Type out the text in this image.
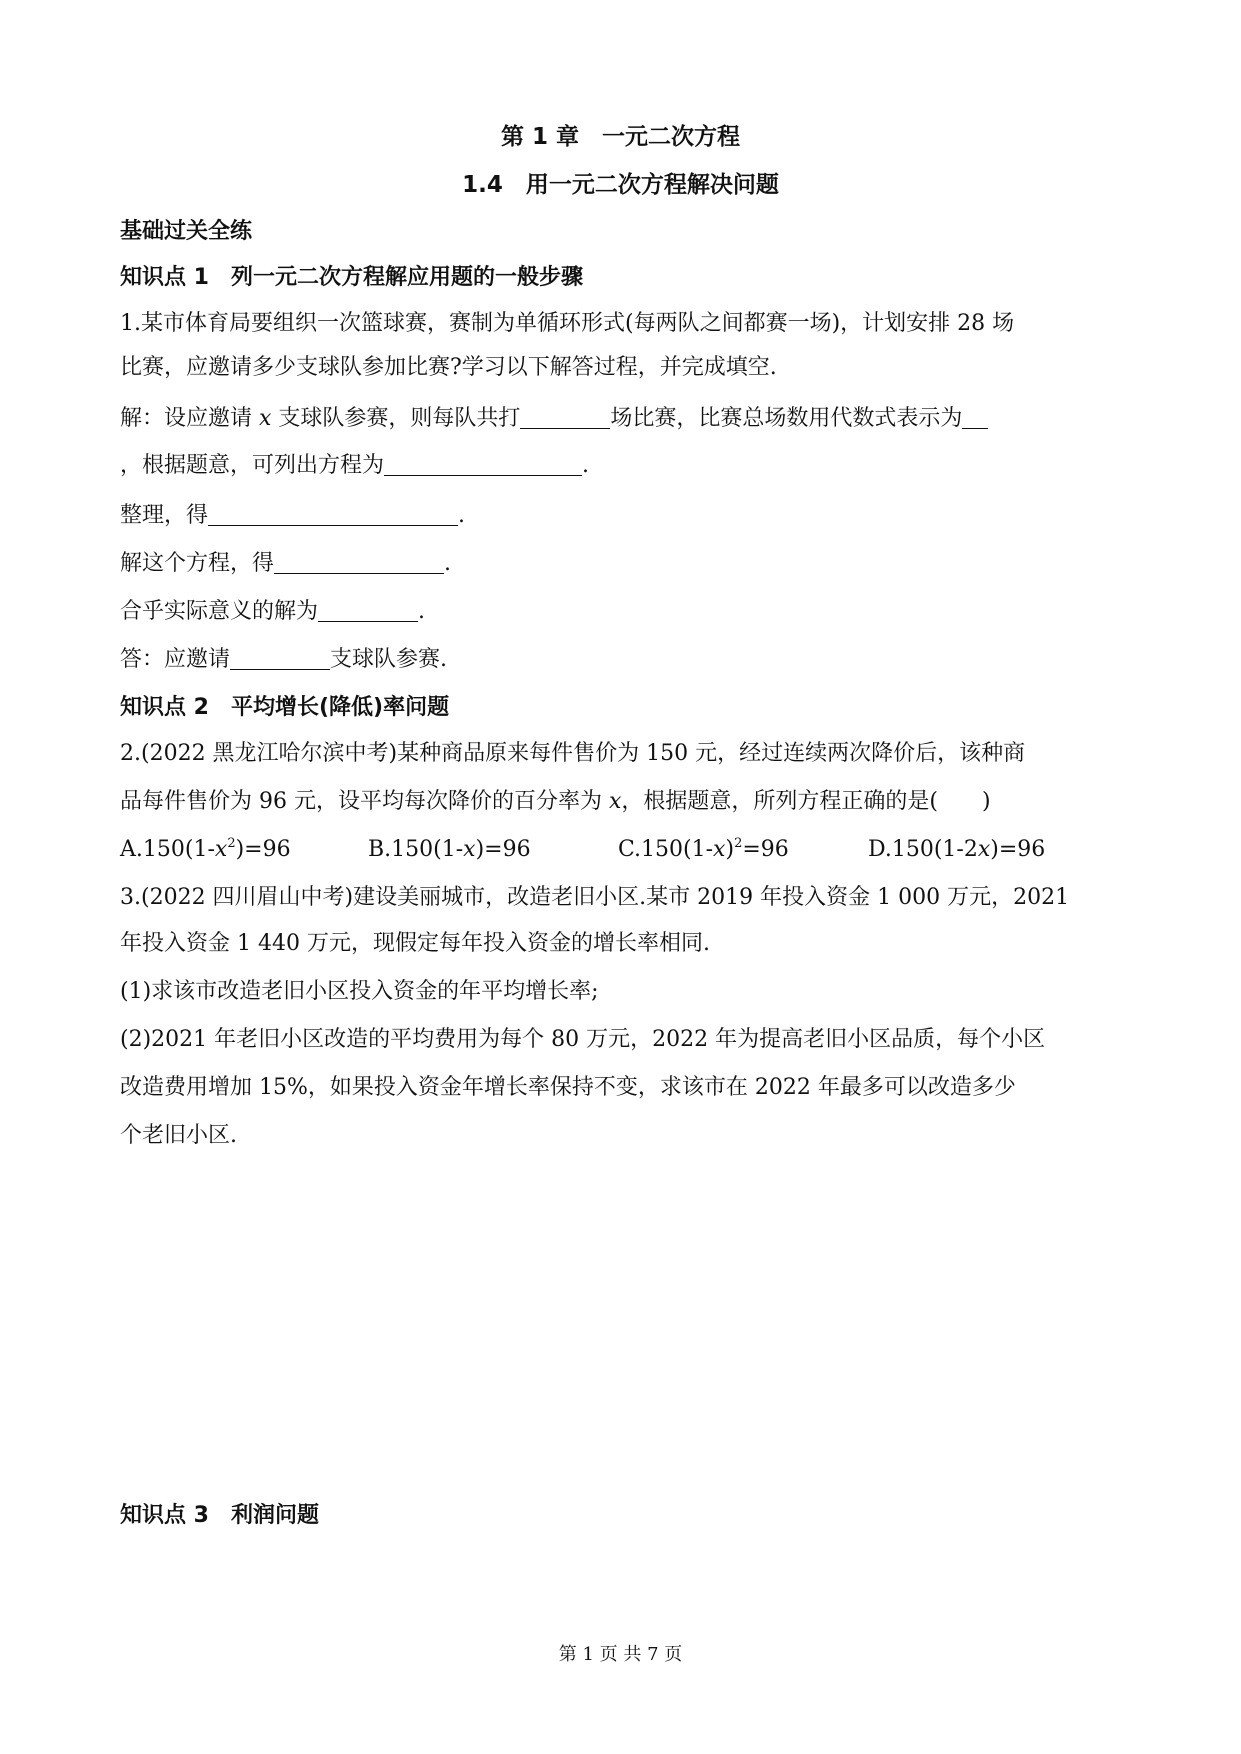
第 1 章　一元二次方程
1.4　用一元二次方程解决问题
基础过关全练
知识点 1　列一元二次方程解应用题的一般步骤
1.某市体育局要组织一次篮球赛，赛制为单循环形式(每两队之间都赛一场)，计划安排 28 场
比赛，应邀请多少支球队参加比赛?学习以下解答过程，并完成填空.
解：设应邀请 x 支球队参赛，则每队共打	场比赛，比赛总场数用代数式表示为
，根据题意，可列出方程为	.
整理，得	.
解这个方程，得	.
合乎实际意义的解为	.
答：应邀请	支球队参赛.
知识点 2　平均增长(降低)率问题
2.(2022 黑龙江哈尔滨中考)某种商品原来每件售价为 150 元，经过连续两次降价后，该种商
品每件售价为 96 元，设平均每次降价的百分率为 x，根据题意，所列方程正确的是(　　)
$A.150(1-x^2)=96$	B.150(1-x)=96	$C.150(1-x)^2=96$	D.150(1-2x)=96
3.(2022 四川眉山中考)建设美丽城市，改造老旧小区.某市 2019 年投入资金 1 000 万元，2021
年投入资金 1 440 万元，现假定每年投入资金的增长率相同.
(1)求该市改造老旧小区投入资金的年平均增长率;
(2)2021 年老旧小区改造的平均费用为每个 80 万元，2022 年为提高老旧小区品质，每个小区
改造费用增加 15%，如果投入资金年增长率保持不变，求该市在 2022 年最多可以改造多少
个老旧小区.
知识点 3　利润问题
第 1 页 共 7 页
